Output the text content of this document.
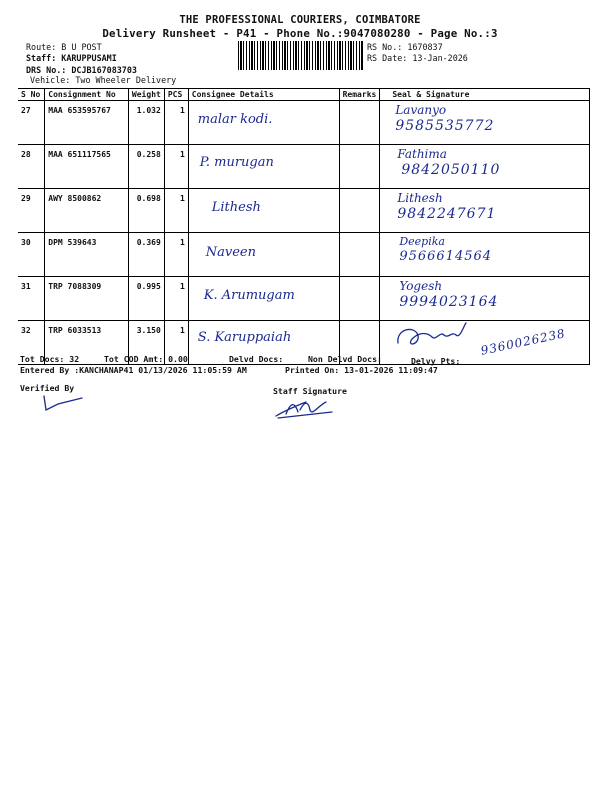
THE PROFESSIONAL COURIERS, COIMBATORE
Delivery Runsheet - P41 - Phone No.:9047080280 - Page No.:3
Route: B U POST
Staff: KARUPPUSAMI
DRS No.: DCJB167083703
Vehicle: Two Wheeler Delivery
RS No.: 1670837
RS Date: 13-Jan-2026
S No	Consignment No	Weight	PCS	Consignee Details	Remarks	Seal & Signature
27	MAA 653595767	1.032	1	malar kodi.		Lavanyo
9585535772
28	MAA 651117565	0.258	1	P. murugan		Fathima
9842050110
29	AWY 8500862	0.698	1	Lithesh		Lithesh
9842247671
30	DPM 539643	0.369	1	Naveen		Deepika
9566614564
31	TRP 7088309	0.995	1	K. Arumugam		Yogesh
9994023164
32	TRP 6033513	3.150	1	S. Karuppaiah		9360026238
Tot Docs: 32	Tot COD Amt: 0.00	Delvd Docs:	Non Delvd Docs:	Delvy Pts:
Entered By :KANCHANAP41 01/13/2026 11:05:59 AM	Printed On: 13-01-2026 11:09:47
Verified By	Staff Signature
